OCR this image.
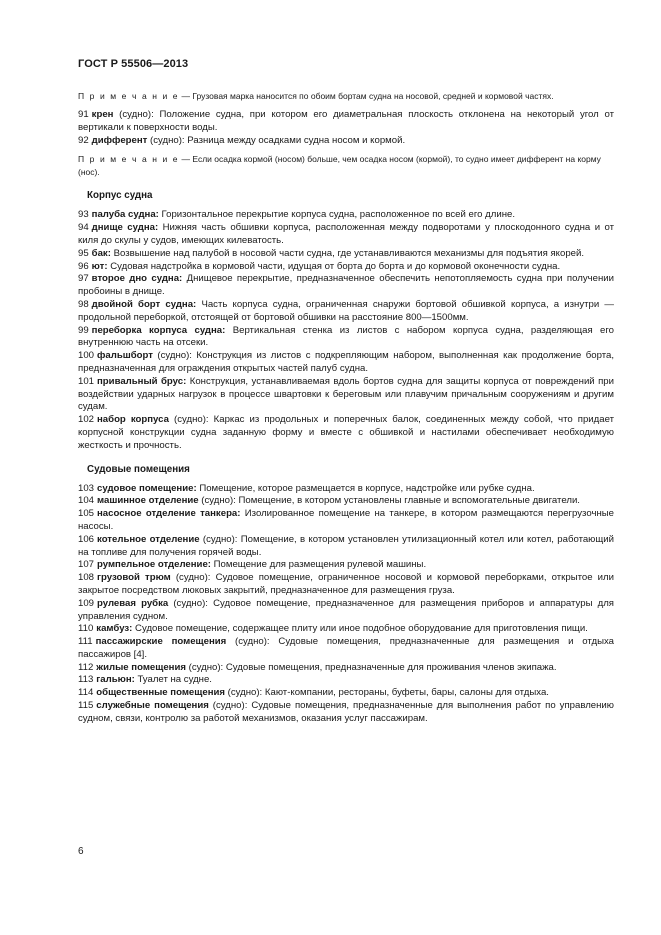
ГОСТ Р 55506—2013
П р и м е ч а н и е — Грузовая марка наносится по обоим бортам судна на носовой, средней и кормовой частях.

91 крен (судно): Положение судна, при котором его диаметральная плоскость отклонена на некоторый угол от вертикали к поверхности воды.

92 дифферент (судно): Разница между осадками судна носом и кормой.

П р и м е ч а н и е — Если осадка кормой (носом) больше, чем осадка носом (кормой), то судно имеет дифферент на корму (нос).
Корпус судна

93 палуба судна: Горизонтальное перекрытие корпуса судна, расположенное по всей его длине.

94 днище судна: Нижняя часть обшивки корпуса, расположенная между подворотами у плоскодонного судна и от киля до скулы у судов, имеющих килеватость.

95 бак: Возвышение над палубой в носовой части судна, где устанавливаются механизмы для подъятия якорей.

96 ют: Судовая надстройка в кормовой части, идущая от борта до борта и до кормовой оконечности судна.

97 второе дно судна: Днищевое перекрытие, предназначенное обеспечить непотопляемость судна при получении пробоины в днище.

98 двойной борт судна: Часть корпуса судна, ограниченная снаружи бортовой обшивкой корпуса, а изнутри — продольной переборкой, отстоящей от бортовой обшивки на расстояние 800—1500мм.

99 переборка корпуса судна: Вертикальная стенка из листов с набором корпуса судна, разделяющая его внутреннюю часть на отсеки.

100 фальшборт (судно): Конструкция из листов с подкрепляющим набором, выполненная как продолжение борта, предназначенная для ограждения открытых частей палуб судна.

101 привальный брус: Конструкция, устанавливаемая вдоль бортов судна для защиты корпуса от повреждений при воздействии ударных нагрузок в процессе швартовки к береговым или плавучим причальным сооружениям и другим судам.

102 набор корпуса (судно): Каркас из продольных и поперечных балок, соединенных между собой, что придает корпусной конструкции судна заданную форму и вместе с обшивкой и настилами обеспечивает необходимую жесткость и прочность.

Судовые помещения

103 судовое помещение: Помещение, которое размещается в корпусе, надстройке или рубке судна.

104 машинное отделение (судно): Помещение, в котором установлены главные и вспомогательные двигатели.

105 насосное отделение танкера: Изолированное помещение на танкере, в котором размещаются перегрузочные насосы.

106 котельное отделение (судно): Помещение, в котором установлен утилизационный котел или котел, работающий на топливе для получения горячей воды.

107 румпельное отделение: Помещение для размещения рулевой машины.

108 грузовой трюм (судно): Судовое помещение, ограниченное носовой и кормовой переборками, открытое или закрытое посредством люковых закрытий, предназначенное для размещения груза.

109 рулевая рубка (судно): Судовое помещение, предназначенное для размещения приборов и аппаратуры для управления судном.

110 камбуз: Судовое помещение, содержащее плиту или иное подобное оборудование для приготовления пищи.

111 пассажирские помещения (судно): Судовые помещения, предназначенные для размещения и отдыха пассажиров [4].

112 жилые помещения (судно): Судовые помещения, предназначенные для проживания членов экипажа.

113 гальюн: Туалет на судне.

114 общественные помещения (судно): Кают-компании, рестораны, буфеты, бары, салоны для отдыха.

115 служебные помещения (судно): Судовые помещения, предназначенные для выполнения работ по управлению судном, связи, контролю за работой механизмов, оказания услуг пассажирам.

6
